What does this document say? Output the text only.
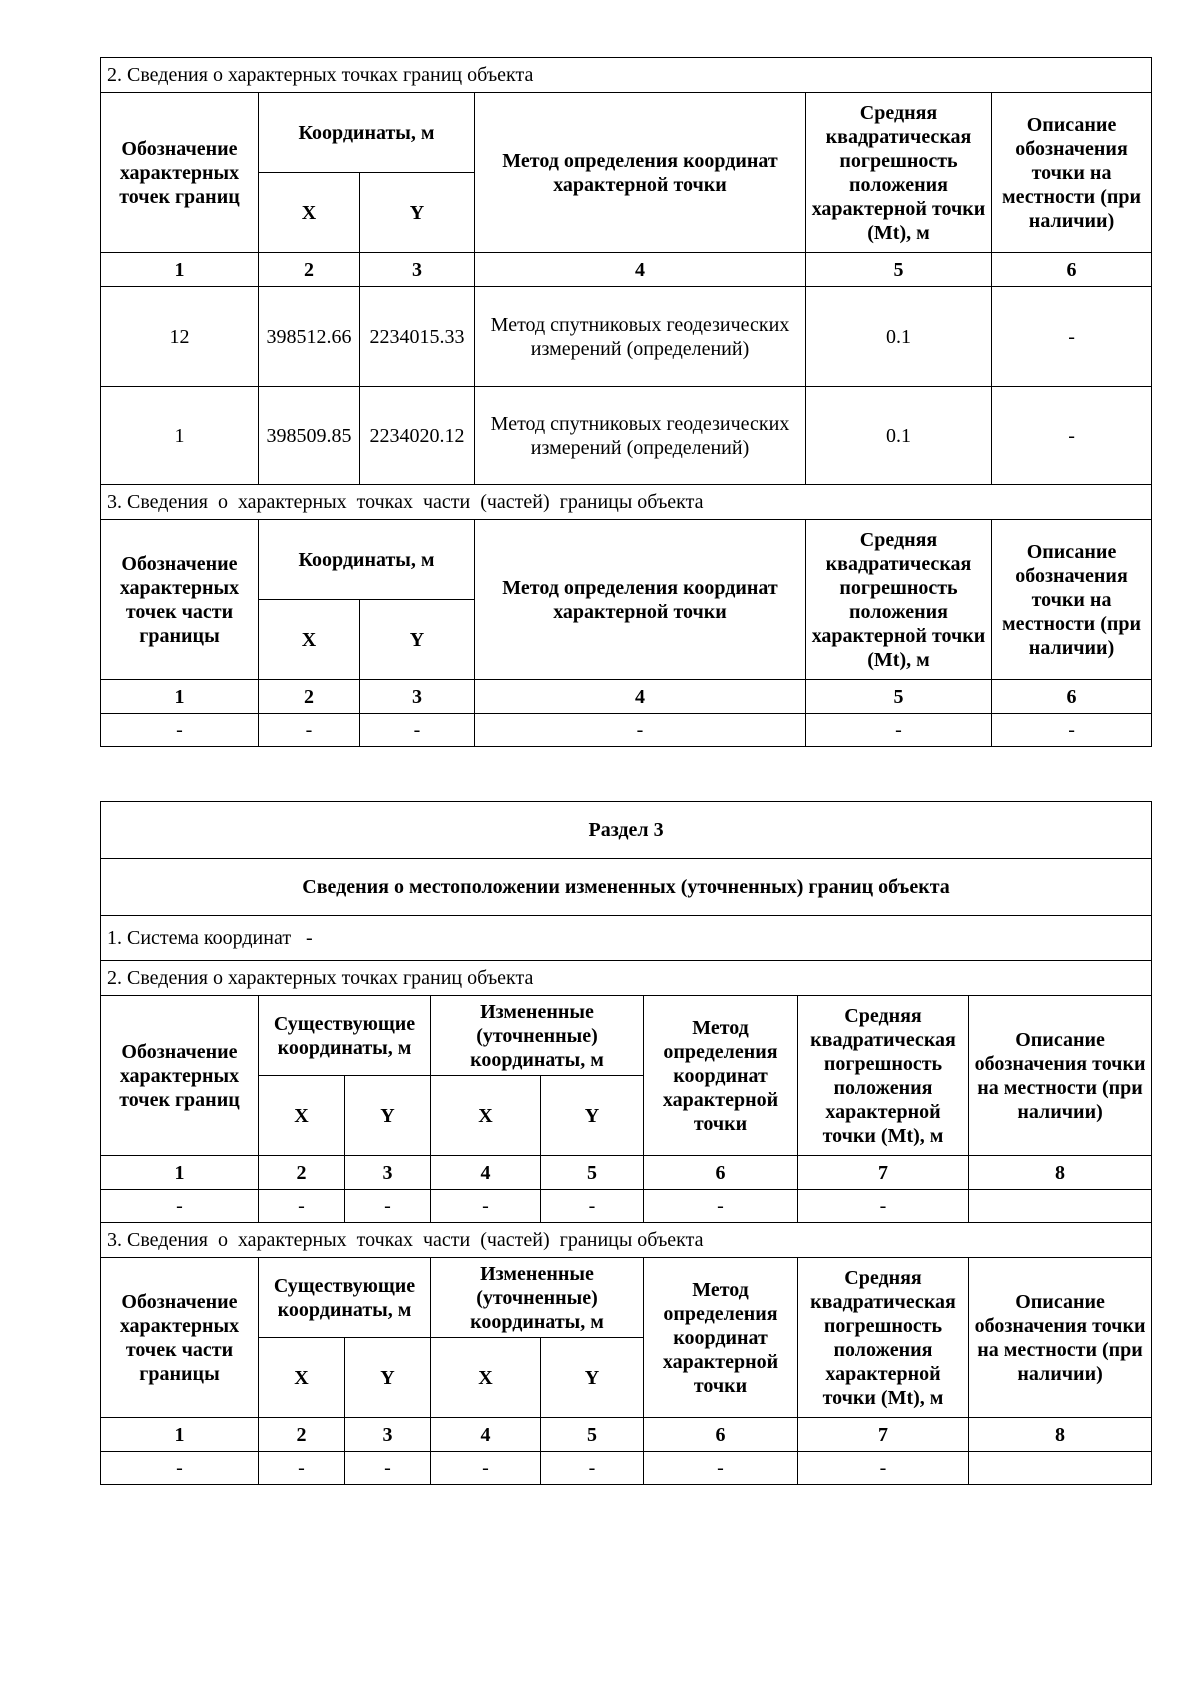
2. Сведения о характерных точках границ объекта					
Обозначение характерных точек границ	Координаты, м		Метод определения координат характерной точки	Средняя квадратическая погрешность положения характерной точки (Mt), м	Описание обозначения точки на местности (при наличии)
	X	Y			
1	2	3	4	5	6
12	398512.66	2234015.33	Метод спутниковых геодезических измерений (определений)	0.1	-
1	398509.85	2234020.12	Метод спутниковых геодезических измерений (определений)	0.1	-
3. Сведения  о  характерных  точках  части  (частей)  границы объекта					
Обозначение характерных точек части границы	Координаты, м		Метод определения координат характерной точки	Средняя квадратическая погрешность положения характерной точки (Mt), м	Описание обозначения точки на местности (при наличии)
	X	Y			
1	2	3	4	5	6
-	-	-	-	-	-
Раздел 3							
Сведения о местоположении измененных (уточненных) границ объекта							
1. Система координат   -							
2. Сведения о характерных точках границ объекта							
Обозначение характерных точек границ	Существующие координаты, м		Измененные (уточненные) координаты, м		Метод определения координат характерной точки	Средняя квадратическая погрешность положения характерной точки (Mt), м	Описание обозначения точки на местности (при наличии)
	X	Y	X	Y			
1	2	3	4	5	6	7	8
-	-	-	-	-	-	-	
3. Сведения  о  характерных  точках  части  (частей)  границы объекта							
Обозначение характерных точек части границы	Существующие координаты, м		Измененные (уточненные) координаты, м		Метод определения координат характерной точки	Средняя квадратическая погрешность положения характерной точки (Mt), м	Описание обозначения точки на местности (при наличии)
	X	Y	X	Y			
1	2	3	4	5	6	7	8
-	-	-	-	-	-	-	
